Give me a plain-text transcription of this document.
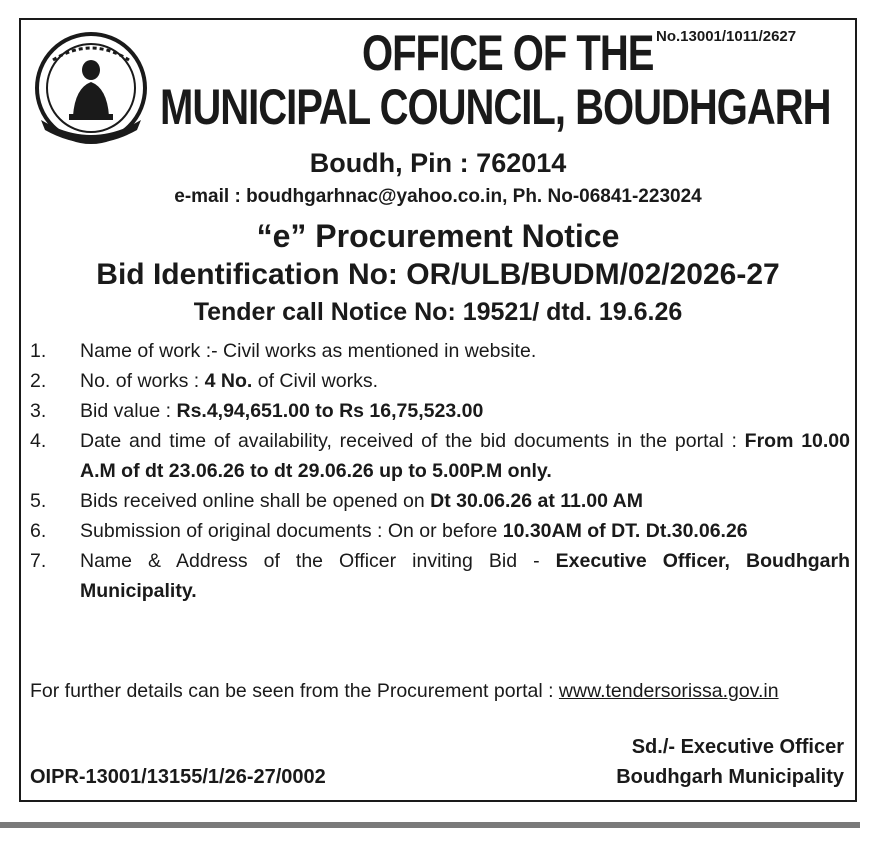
No.13001/1011/2627
OFFICE OF THE
MUNICIPAL COUNCIL, BOUDHGARH
Boudh, Pin : 762014
e-mail : boudhgarhnac@yahoo.co.in, Ph. No-06841-223024
“e” Procurement Notice
Bid Identification No: OR/ULB/BUDM/02/2026-27
Tender call Notice No: 19521/ dtd. 19.6.26
1.	Name of work :- Civil works as mentioned in website.
2.	No. of works : 4 No. of Civil works.
3.	Bid value : Rs.4,94,651.00 to Rs 16,75,523.00
4.	Date and time of availability, received of the bid documents in the portal : From 10.00 A.M of dt 23.06.26 to dt 29.06.26 up to 5.00P.M only.
5.	Bids received online shall be opened on Dt 30.06.26 at 11.00 AM
6.	Submission of original documents : On or before 10.30AM of DT. Dt.30.06.26
7.	Name & Address of the Officer inviting Bid - Executive Officer, Boudhgarh Municipality.
For further details can be seen from the Procurement portal : www.tendersorissa.gov.in
Sd./- Executive Officer
OIPR-13001/13155/1/26-27/0002	Boudhgarh Municipality
